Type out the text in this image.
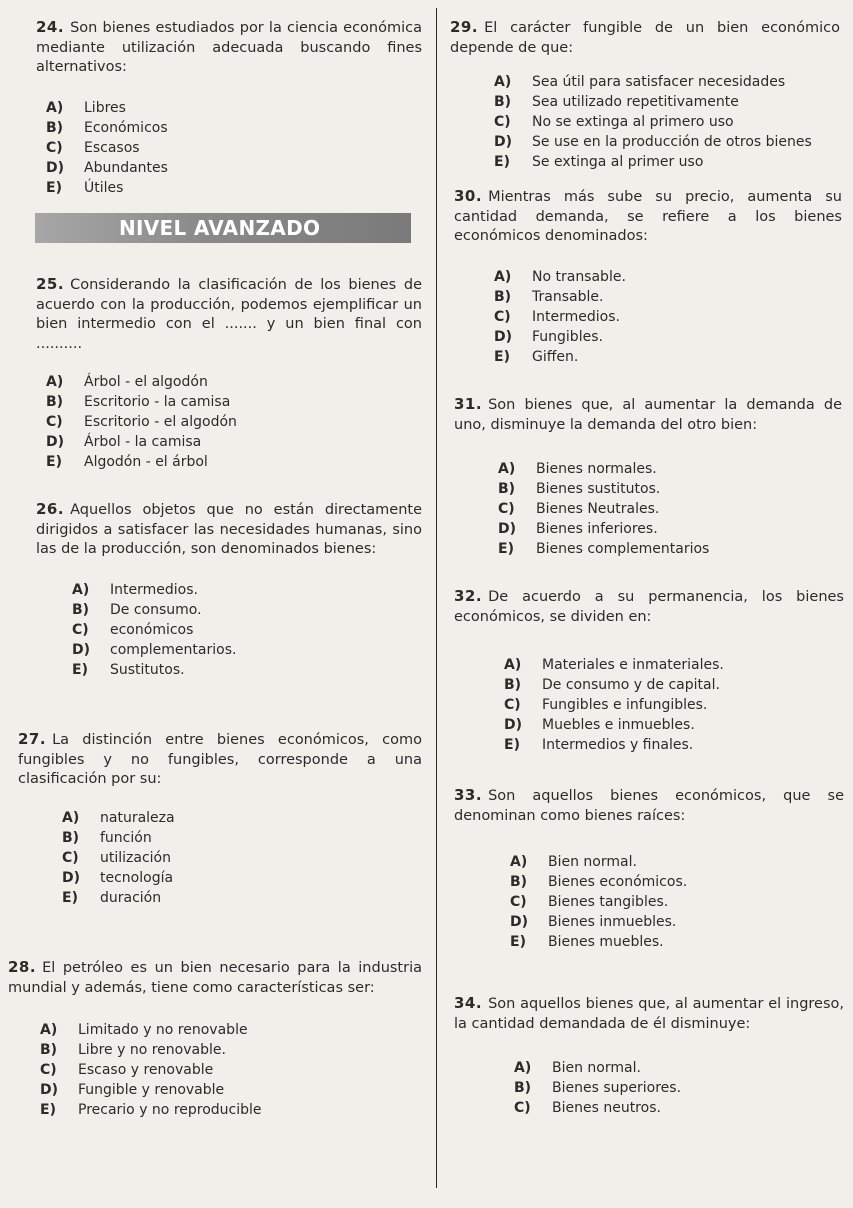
24. Son bienes estudiados por la ciencia económica mediante utilización adecuada buscando fines alternativos:
A) Libres
B) Económicos
C) Escasos
D) Abundantes
E) Útiles
NIVEL AVANZADO
25. Considerando la clasificación de los bienes de acuerdo con la producción, podemos ejemplificar un bien intermedio con el ....... y un bien final con ..........
A) Árbol - el algodón
B) Escritorio - la camisa
C) Escritorio - el algodón
D) Árbol - la camisa
E) Algodón - el árbol
26. Aquellos objetos que no están directamente dirigidos a satisfacer las necesidades humanas, sino las de la producción, son denominados bienes:
A) Intermedios.
B) De consumo.
C) económicos
D) complementarios.
E) Sustitutos.
27. La distinción entre bienes económicos, como fungibles y no fungibles, corresponde a una clasificación por su:
A) naturaleza
B) función
C) utilización
D) tecnología
E) duración
28. El petróleo es un bien necesario para la industria mundial y además, tiene como características ser:
A) Limitado y no renovable
B) Libre y no renovable.
C) Escaso y renovable
D) Fungible y renovable
E) Precario y no reproducible
29. El carácter fungible de un bien económico depende de que:
A) Sea útil para satisfacer necesidades
B) Sea utilizado repetitivamente
C) No se extinga al primero uso
D) Se use en la producción de otros bienes
E) Se extinga al primer uso
30. Mientras más sube su precio, aumenta su cantidad demanda, se refiere a los bienes económicos denominados:
A) No transable.
B) Transable.
C) Intermedios.
D) Fungibles.
E) Giffen.
31. Son bienes que, al aumentar la demanda de uno, disminuye la demanda del otro bien:
A) Bienes normales.
B) Bienes sustitutos.
C) Bienes Neutrales.
D) Bienes inferiores.
E) Bienes complementarios
32. De acuerdo a su permanencia, los bienes económicos, se dividen en:
A) Materiales e inmateriales.
B) De consumo y de capital.
C) Fungibles e infungibles.
D) Muebles e inmuebles.
E) Intermedios y finales.
33. Son aquellos bienes económicos, que se denominan como bienes raíces:
A) Bien normal.
B) Bienes económicos.
C) Bienes tangibles.
D) Bienes inmuebles.
E) Bienes muebles.
34. Son aquellos bienes que, al aumentar el ingreso, la cantidad demandada de él disminuye:
A) Bien normal.
B) Bienes superiores.
C) Bienes neutros.
